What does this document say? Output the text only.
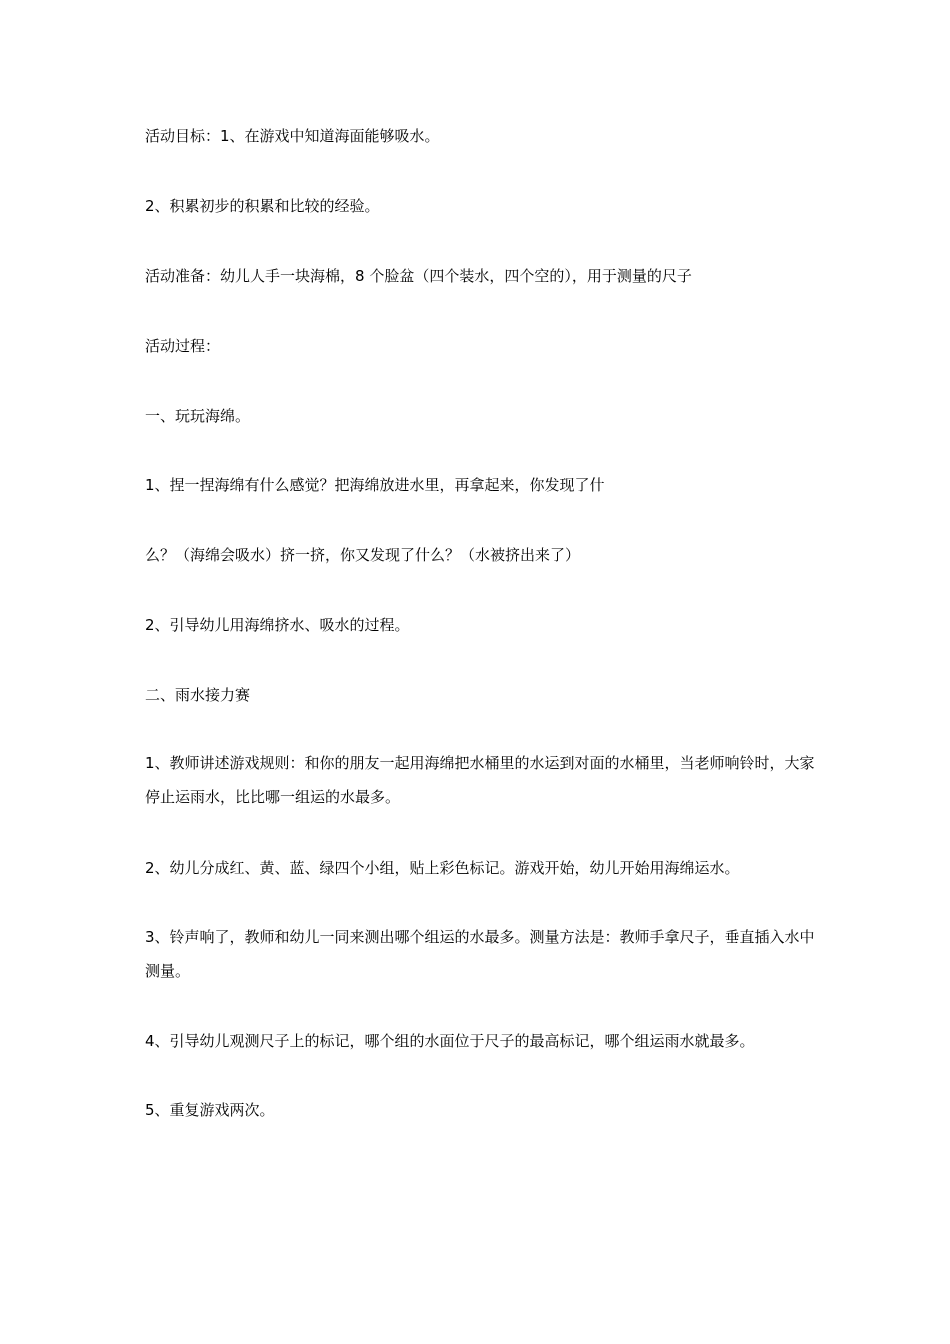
活动目标：1、在游戏中知道海面能够吸水。

2、积累初步的积累和比较的经验。

活动准备：幼儿人手一块海棉，8 个脸盆（四个装水，四个空的），用于测量的尺子

活动过程：

一、玩玩海绵。

1、捏一捏海绵有什么感觉？把海绵放进水里，再拿起来，你发现了什

么？（海绵会吸水）挤一挤，你又发现了什么？（水被挤出来了）

2、引导幼儿用海绵挤水、吸水的过程。

二、雨水接力赛

1、教师讲述游戏规则：和你的朋友一起用海绵把水桶里的水运到对面的水桶里，当老师响铃时，大家停止运雨水，比比哪一组运的水最多。

2、幼儿分成红、黄、蓝、绿四个小组，贴上彩色标记。游戏开始，幼儿开始用海绵运水。

3、铃声响了，教师和幼儿一同来测出哪个组运的水最多。测量方法是：教师手拿尺子，垂直插入水中测量。

4、引导幼儿观测尺子上的标记，哪个组的水面位于尺子的最高标记，哪个组运雨水就最多。

5、重复游戏两次。
